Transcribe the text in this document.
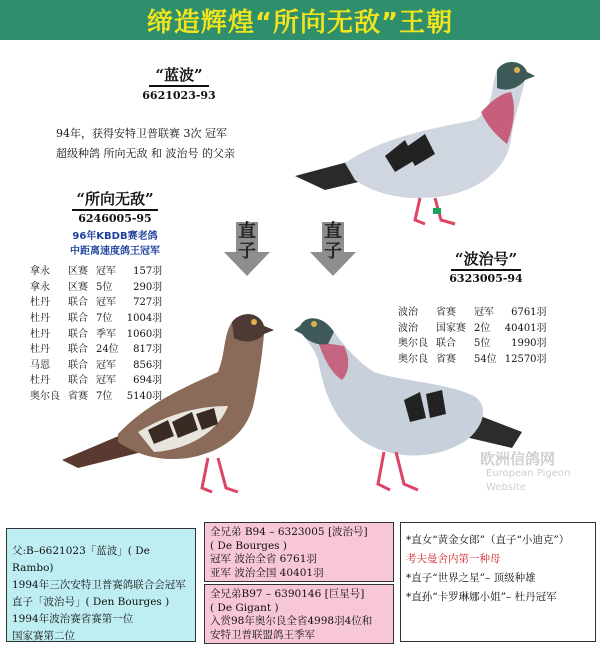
缔造辉煌“所向无敌”王朝
“蓝波”
6621023-93
94年，获得安特卫普联赛 3次 冠军
超级种鸽 所向无敌 和 波治号 的父亲
“所向无敌”
6246005-95
96年KBDB赛老鸽
中距离速度鸽王冠军
直子
直子
拿永	区赛	冠军	157羽
拿永	区赛	5位	290羽
杜丹	联合	冠军	727羽
杜丹	联合	7位	1004羽
杜丹	联合	季军	1060羽
杜丹	联合	24位	817羽
马恩	联合	冠军	856羽
杜丹	联合	冠军	694羽
奥尔良	省赛	7位	5140羽
“波治号”
6323005-94
波治	省赛	冠军	6761羽
波治	国家赛	2位	40401羽
奥尔良	联合	5位	1990羽
奥尔良	省赛	54位	12570羽
欧洲信鸽网
European Pigeon
Website
父:B–6621023「蓝波」( De Rambo)
1994年三次安特卫普赛鸽联合会冠军
直子「波治号」( Den Bourges )
1994年波治赛省赛第一位
国家赛第二位
全兄弟 B94 – 6323005 [波治号]
( De Bourges )
冠军 波治全省 6761羽
亚军 波治全国 40401羽
全兄弟B97 – 6390146 [巨星号]
( De Gigant )
入赏98年奥尔良全省4998羽4位和
安特卫普联盟鸽王季军
*直女“黄金女郎”（直子“小迪克”）
考夫曼舍内第一种母
*直子“世界之星”– 顶级种雄
*直孙“卡罗琳娜小姐”– 杜丹冠军
